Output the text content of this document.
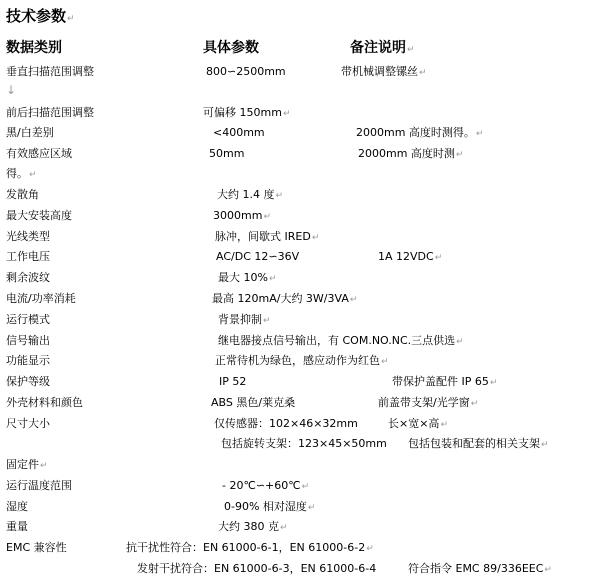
技术参数↵
数据类别	具体参数	备注说明↵
↓
垂直扫描范围调整	800∽2500mm	带机械调整镙丝↵
前后扫描范围调整	可偏移 150mm↵
黑/白差别	<400mm	2000mm 高度时测得。↵
有效感应区域	50mm	2000mm 高度时测↵
得。↵
发散角	大约 1.4 度↵
最大安装高度	3000mm↵
光线类型	脉冲，间歇式 IRED↵
工作电压	AC/DC 12∽36V	1A 12VDC↵
剩余波纹	最大 10%↵
电流/功率消耗	最高 120mA/大约 3W/3VA↵
运行模式	背景抑制↵
信号输出	继电器接点信号输出，有 COM.NO.NC.三点供选↵
功能显示	正常待机为绿色，感应动作为红色↵
保护等级	IP 52	带保护盖配件 IP 65↵
外壳材料和颜色	ABS 黑色/莱克桑	前盖带支架/光学窗↵
尺寸大小	仅传感器：102×46×32mm	长×宽×高↵
包括旋转支架：123×45×50mm 包括包装和配套的相关支架↵
固定件↵
运行温度范围	- 20℃∽+60℃↵
湿度	0-90% 相对湿度↵
重量	大约 380 克↵
EMC 兼容性	抗干扰性符合：EN 61000-6-1，EN 61000-6-2↵
发射干扰符合：EN 61000-6-3，EN 61000-6-4	符合指令 EMC 89/336EEC↵
